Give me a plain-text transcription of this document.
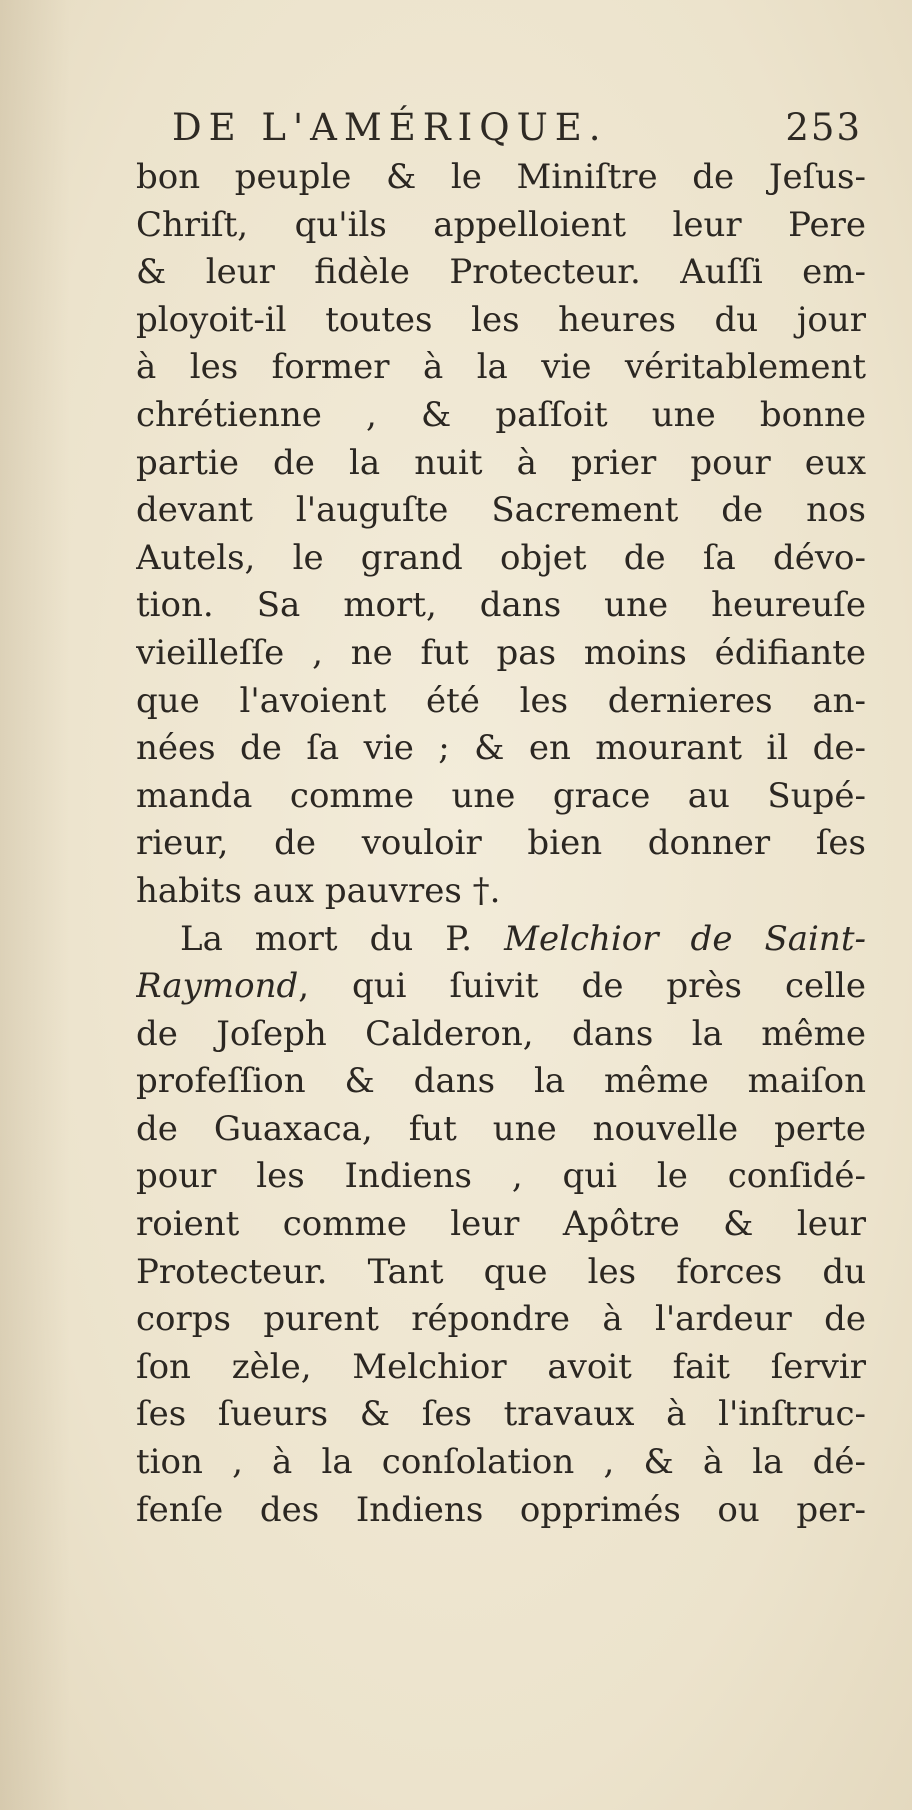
DE L'AMÉRIQUE.	253
bon peuple & le Miniſtre de Jeſus-
Chriſt, qu'ils appelloient leur Pere
& leur fidèle Protecteur. Auſſi em-
ployoit-il toutes les heures du jour
à les former à la vie véritablement
chrétienne , & paſſoit une bonne
partie de la nuit à prier pour eux
devant l'auguſte Sacrement de nos
Autels, le grand objet de ſa dévo-
tion. Sa mort, dans une heureuſe
vieilleſſe , ne fut pas moins édifiante
que l'avoient été les dernieres an-
nées de ſa vie ; & en mourant il de-
manda comme une grace au Supé-
rieur, de vouloir bien donner ſes
habits aux pauvres †.
La mort du P. Melchior de Saint-
Raymond, qui ſuivit de près celle
de Joſeph Calderon, dans la même
profeſſion & dans la même maiſon
de Guaxaca, fut une nouvelle perte
pour les Indiens , qui le conſidé-
roient comme leur Apôtre & leur
Protecteur. Tant que les forces du
corps purent répondre à l'ardeur de
ſon zèle, Melchior avoit fait ſervir
ſes ſueurs & ſes travaux à l'inſtruc-
tion , à la conſolation , & à la dé-
fenſe des Indiens opprimés ou per-
